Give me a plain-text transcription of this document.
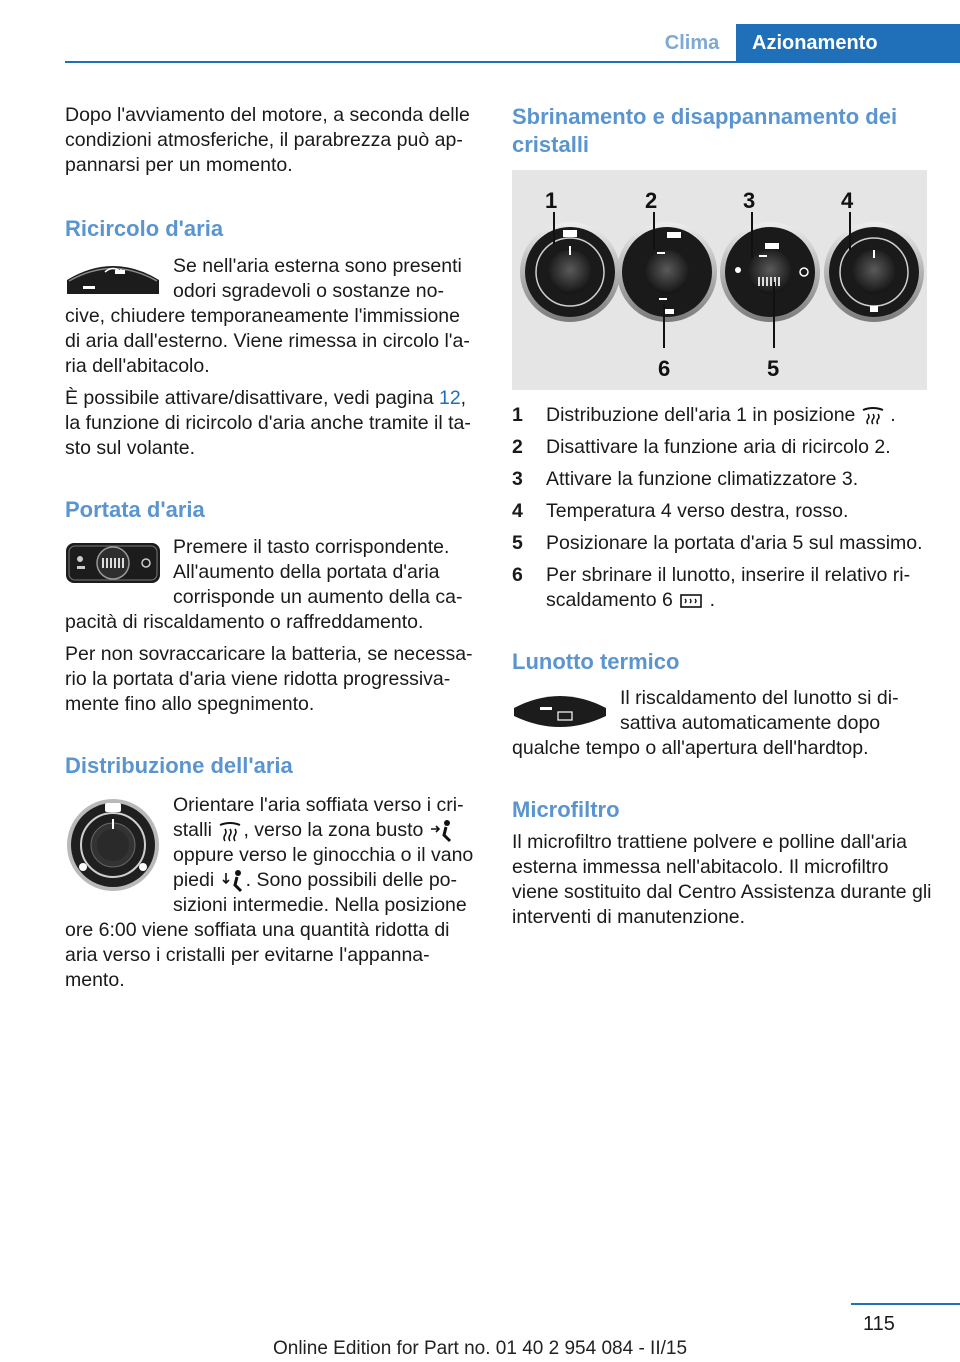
Clima	Azionamento

Dopo l'avviamento del motore, a seconda delle condizioni atmosferiche, il parabrezza può appannarsi per un momento.

Ricircolo d'aria

Se nell'aria esterna sono presenti odori sgradevoli o sostanze nocive, chiudere temporaneamente l'immissione di aria dall'esterno. Viene rimessa in circolo l'aria dell'abitacolo.

È possibile attivare/disattivare, vedi pagina 12, la funzione di ricircolo d'aria anche tramite il tasto sul volante.

Portata d'aria

Premere il tasto corrispondente. All'aumento della portata d'aria corrisponde un aumento della capacità di riscaldamento o raffreddamento.

Per non sovraccaricare la batteria, se necessario la portata d'aria viene ridotta progressivamente fino allo spegnimento.

Distribuzione dell'aria

Orientare l'aria soffiata verso i cristalli , verso la zona busto  oppure verso le ginocchia o il vano piedi . Sono possibili delle posizioni intermedie. Nella posizione ore 6:00 viene soffiata una quantità ridotta di aria verso i cristalli per evitarne l'appannamento.

Sbrinamento e disappannamento dei cristalli
1	2	3	4
6	5
1 Distribuzione dell'aria 1 in posizione .
2 Disattivare la funzione aria di ricircolo 2.
3 Attivare la funzione climatizzatore 3.
4 Temperatura 4 verso destra, rosso.
5 Posizionare la portata d'aria 5 sul massimo.
6 Per sbrinare il lunotto, inserire il relativo riscaldamento 6 .
Lunotto termico

Il riscaldamento del lunotto si disattiva automaticamente dopo qualche tempo o all'apertura dell'hardtop.

Microfiltro

Il microfiltro trattiene polvere e polline dall'aria esterna immessa nell'abitacolo. Il microfiltro viene sostituito dal Centro Assistenza durante gli interventi di manutenzione.

115
Online Edition for Part no. 01 40 2 954 084 - II/15
